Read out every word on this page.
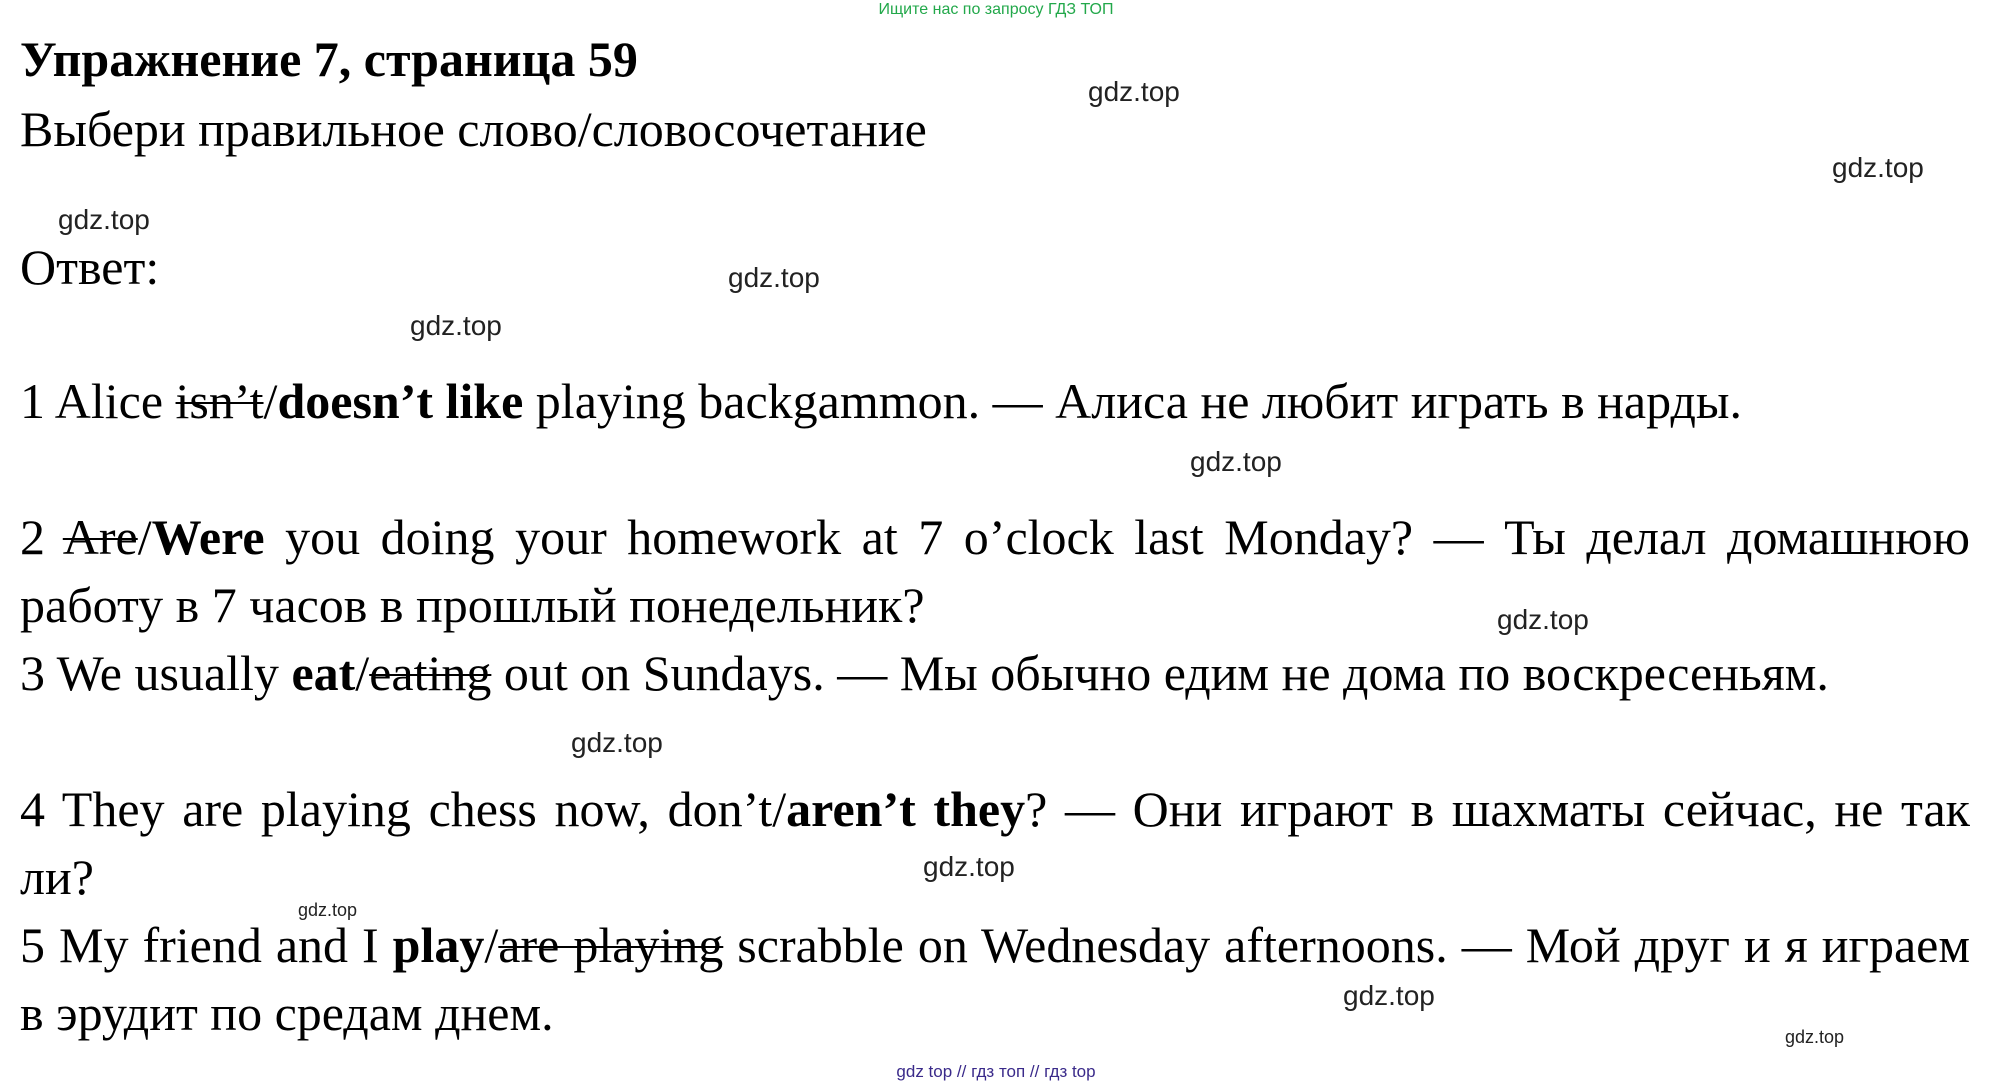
Ищите нас по запросу ГДЗ ТОП
Упражнение 7, страница 59
Выбери правильное слово/словосочетание
Ответ:
1 Alice isn’t/doesn’t like playing backgammon. — Алиса не любит играть в нарды.
2 Are/Were you doing your homework at 7 o’clock last Monday? — Ты делал домашнюю работу в 7 часов в прошлый понедельник?
3 We usually eat/eating out on Sundays. — Мы обычно едим не дома по воскресеньям.
4 They are playing chess now, don’t/aren’t they? — Они играют в шахматы сейчас, не так ли?
5 My friend and I play/are playing scrabble on Wednesday afternoons. — Мой друг и я играем в эрудит по средам днем.
gdz.top
gdz.top
gdz.top
gdz.top
gdz.top
gdz.top
gdz.top
gdz.top
gdz.top
gdz.top
gdz.top
gdz.top
gdz top // гдз топ // гдз top
